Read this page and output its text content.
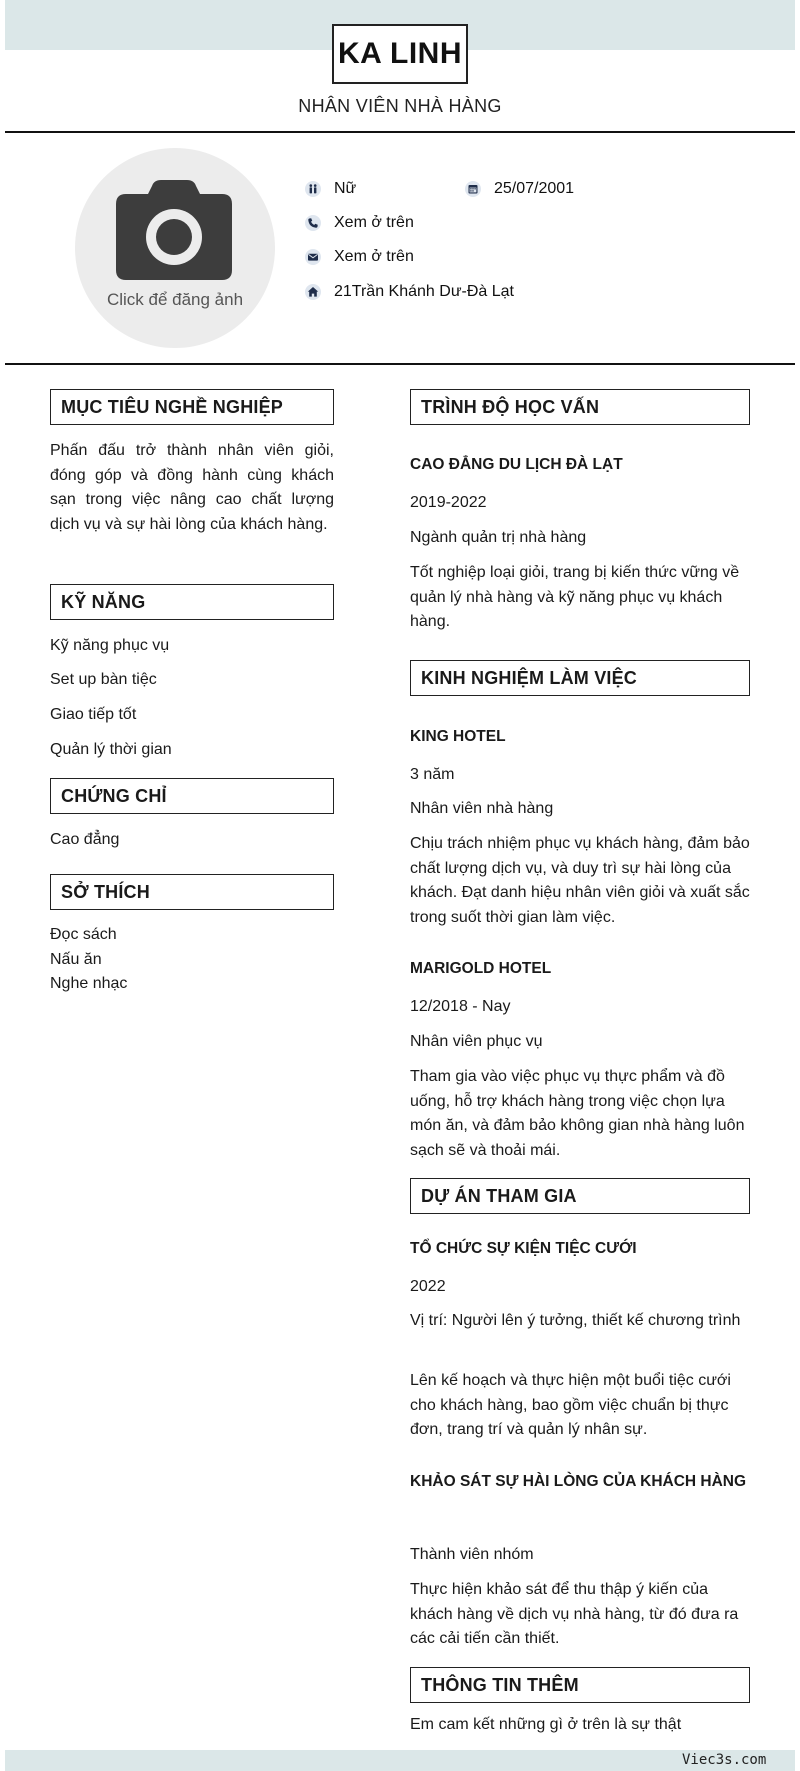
KA LINH
NHÂN VIÊN NHÀ HÀNG
Click để đăng ảnh
Nữ	25/07/2001
Xem ở trên
Xem ở trên
21Trần Khánh Dư-Đà Lạt
MỤC TIÊU NGHỀ NGHIỆP
Phấn đấu trở thành nhân viên giỏi, đóng góp và đồng hành cùng khách sạn trong việc nâng cao chất lượng dịch vụ và sự hài lòng của khách hàng.
KỸ NĂNG
Kỹ năng phục vụ
Set up bàn tiệc
Giao tiếp tốt
Quản lý thời gian
CHỨNG CHỈ
Cao đẳng
SỞ THÍCH
Đọc sách
Nấu ăn
Nghe nhạc
TRÌNH ĐỘ HỌC VẤN
CAO ĐẲNG DU LỊCH ĐÀ LẠT
2019-2022
Ngành quản trị nhà hàng
Tốt nghiệp loại giỏi, trang bị kiến thức vững về quản lý nhà hàng và kỹ năng phục vụ khách hàng.
KINH NGHIỆM LÀM VIỆC
KING HOTEL
3 năm
Nhân viên nhà hàng
Chịu trách nhiệm phục vụ khách hàng, đảm bảo chất lượng dịch vụ, và duy trì sự hài lòng của khách. Đạt danh hiệu nhân viên giỏi và xuất sắc trong suốt thời gian làm việc.
MARIGOLD HOTEL
12/2018 - Nay
Nhân viên phục vụ
Tham gia vào việc phục vụ thực phẩm và đồ uống, hỗ trợ khách hàng trong việc chọn lựa món ăn, và đảm bảo không gian nhà hàng luôn sạch sẽ và thoải mái.
DỰ ÁN THAM GIA
TỔ CHỨC SỰ KIỆN TIỆC CƯỚI
2022
Vị trí: Người lên ý tưởng, thiết kế chương trình
Lên kế hoạch và thực hiện một buổi tiệc cưới cho khách hàng, bao gồm việc chuẩn bị thực đơn, trang trí và quản lý nhân sự.
KHẢO SÁT SỰ HÀI LÒNG CỦA KHÁCH HÀNG
Thành viên nhóm
Thực hiện khảo sát để thu thập ý kiến của khách hàng về dịch vụ nhà hàng, từ đó đưa ra các cải tiến cần thiết.
THÔNG TIN THÊM
Em cam kết những gì ở trên là sự thật
Viec3s.com
